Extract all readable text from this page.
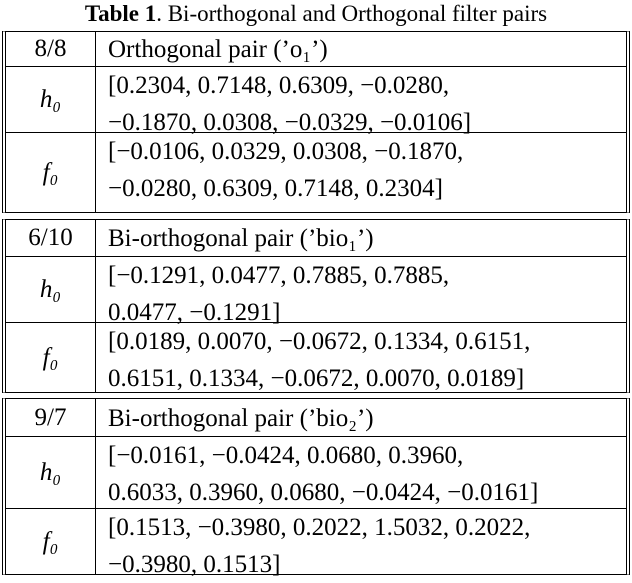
Table 1. Bi-orthogonal and Orthogonal filter pairs
8/8	Orthogonal pair (’o₁’)
h₀ [0.2304, 0.7148, 0.6309, −0.0280,
−0.1870, 0.0308, −0.0329, −0.0106]
f₀
[−0.0106, 0.0329, 0.0308, −0.1870,
−0.0280, 0.6309, 0.7148, 0.2304]
6/10	Bi-orthogonal pair (’bio₁’)
h₀ [−0.1291, 0.0477, 0.7885, 0.7885,
0.0477, −0.1291]
f₀
[0.0189, 0.0070, −0.0672, 0.1334, 0.6151,
0.6151, 0.1334, −0.0672, 0.0070, 0.0189]
9/7	Bi-orthogonal pair (’bio₂’)
h₀
[−0.0161, −0.0424, 0.0680, 0.3960,
0.6033, 0.3960, 0.0680, −0.0424, −0.0161]
f₀ [0.1513, −0.3980, 0.2022, 1.5032, 0.2022,
−0.3980, 0.1513]
